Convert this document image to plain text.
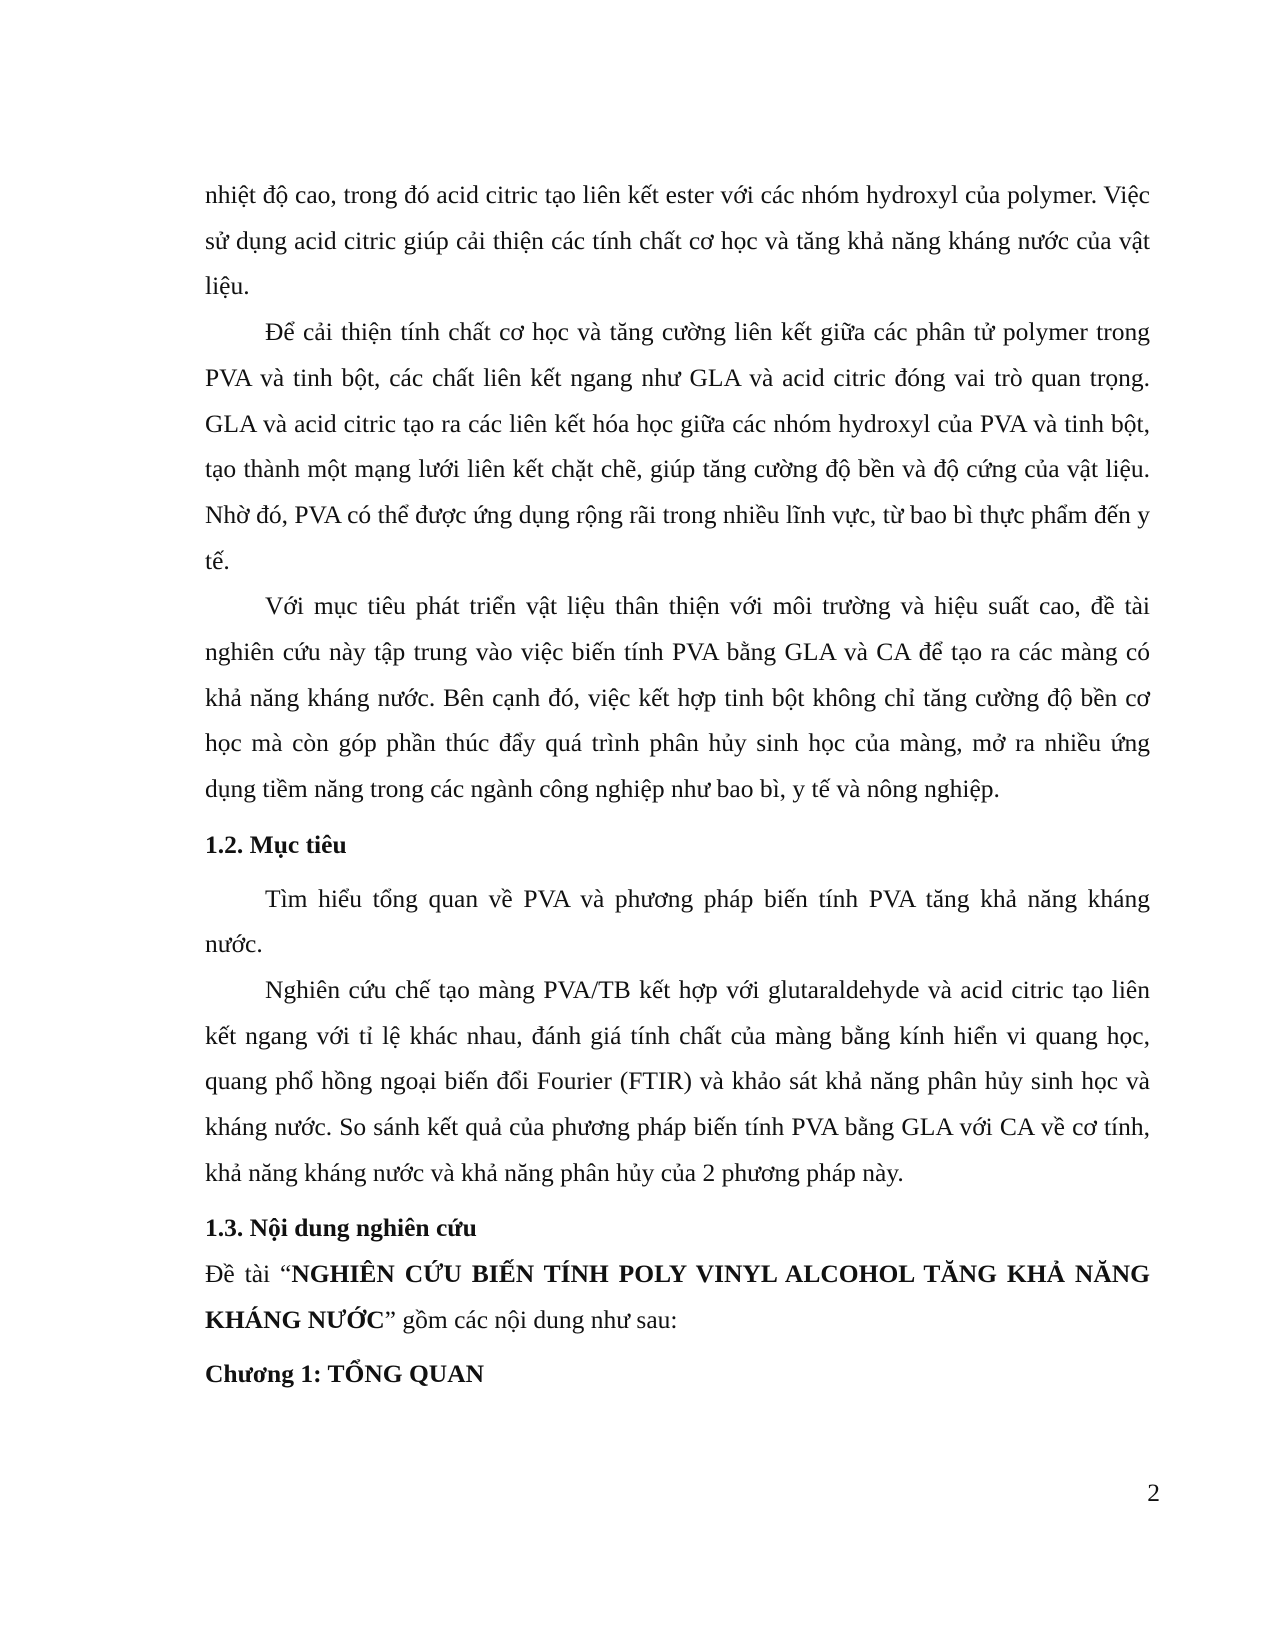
nhiệt độ cao, trong đó acid citric tạo liên kết ester với các nhóm hydroxyl của polymer. Việc sử dụng acid citric giúp cải thiện các tính chất cơ học và tăng khả năng kháng nước của vật liệu.

Để cải thiện tính chất cơ học và tăng cường liên kết giữa các phân tử polymer trong PVA và tinh bột, các chất liên kết ngang như GLA và acid citric đóng vai trò quan trọng. GLA và acid citric tạo ra các liên kết hóa học giữa các nhóm hydroxyl của PVA và tinh bột, tạo thành một mạng lưới liên kết chặt chẽ, giúp tăng cường độ bền và độ cứng của vật liệu. Nhờ đó, PVA có thể được ứng dụng rộng rãi trong nhiều lĩnh vực, từ bao bì thực phẩm đến y tế.

Với mục tiêu phát triển vật liệu thân thiện với môi trường và hiệu suất cao, đề tài nghiên cứu này tập trung vào việc biến tính PVA bằng GLA và CA để tạo ra các màng có khả năng kháng nước. Bên cạnh đó, việc kết hợp tinh bột không chỉ tăng cường độ bền cơ học mà còn góp phần thúc đẩy quá trình phân hủy sinh học của màng, mở ra nhiều ứng dụng tiềm năng trong các ngành công nghiệp như bao bì, y tế và nông nghiệp.

1.2. Mục tiêu

Tìm hiểu tổng quan về PVA và phương pháp biến tính PVA tăng khả năng kháng nước.

Nghiên cứu chế tạo màng PVA/TB kết hợp với glutaraldehyde và acid citric tạo liên kết ngang với tỉ lệ khác nhau, đánh giá tính chất của màng bằng kính hiển vi quang học, quang phổ hồng ngoại biến đổi Fourier (FTIR) và khảo sát khả năng phân hủy sinh học và kháng nước. So sánh kết quả của phương pháp biến tính PVA bằng GLA với CA về cơ tính, khả năng kháng nước và khả năng phân hủy của 2 phương pháp này.

1.3. Nội dung nghiên cứu

Đề tài “NGHIÊN CỨU BIẾN TÍNH POLY VINYL ALCOHOL TĂNG KHẢ NĂNG KHÁNG NƯỚC” gồm các nội dung như sau:

Chương 1: TỔNG QUAN
2
